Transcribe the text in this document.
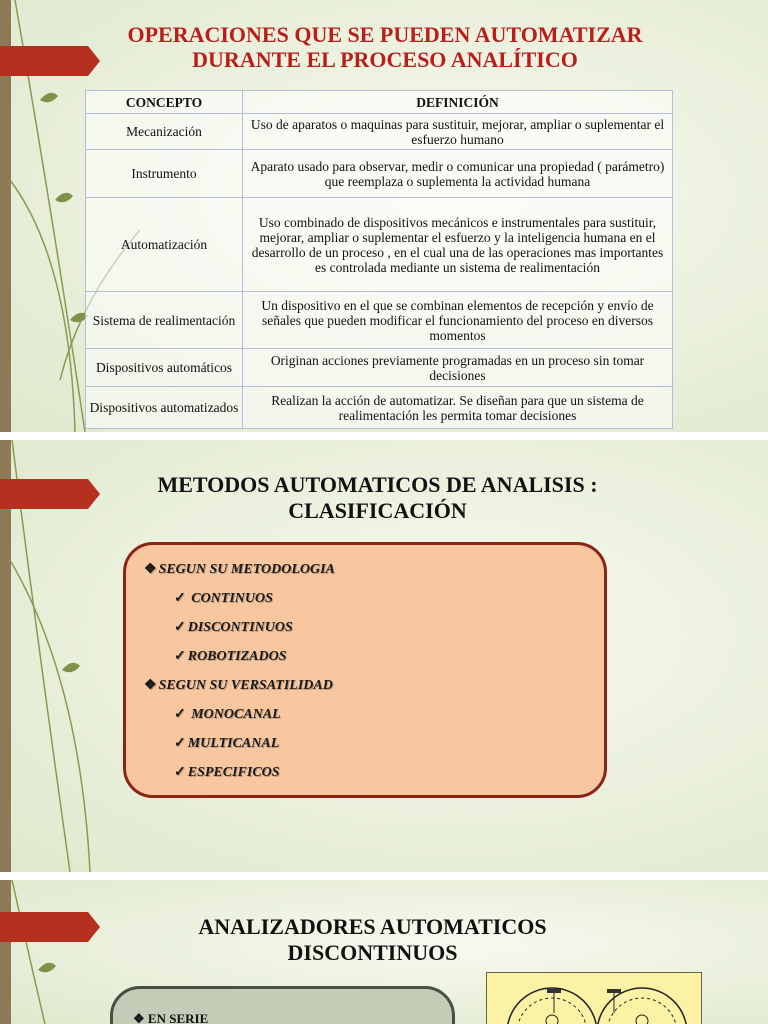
OPERACIONES QUE SE PUEDEN AUTOMATIZAR
DURANTE EL PROCESO ANALÍTICO
CONCEPTO	DEFINICIÓN
Mecanización	Uso de aparatos o maquinas para sustituir, mejorar, ampliar o suplementar el esfuerzo humano
Instrumento	Aparato usado para observar, medir o comunicar una propiedad ( parámetro) que reemplaza o suplementa la actividad humana
Automatización	Uso combinado de dispositivos mecánicos e instrumentales para sustituir, mejorar, ampliar o suplementar el esfuerzo y la inteligencia humana en el desarrollo de un proceso , en el cual una de las operaciones mas importantes es controlada mediante un sistema de realimentación
Sistema de realimentación	Un dispositivo en el que se combinan elementos de recepción y envío de señales que pueden modificar el funcionamiento del proceso en diversos momentos
Dispositivos automáticos	Originan acciones previamente programadas en un proceso sin tomar decisiones
Dispositivos automatizados	Realizan la acción de automatizar. Se diseñan para que un sistema de realimentación les permita tomar decisiones
METODOS AUTOMATICOS DE ANALISIS :
CLASIFICACIÓN
❖ SEGUN SU METODOLOGIA
✓ CONTINUOS
✓ DISCONTINUOS
✓ ROBOTIZADOS
❖ SEGUN SU VERSATILIDAD
✓ MONOCANAL
✓ MULTICANAL
✓ ESPECIFICOS
ANALIZADORES AUTOMATICOS
DISCONTINUOS
❖ EN SERIE
